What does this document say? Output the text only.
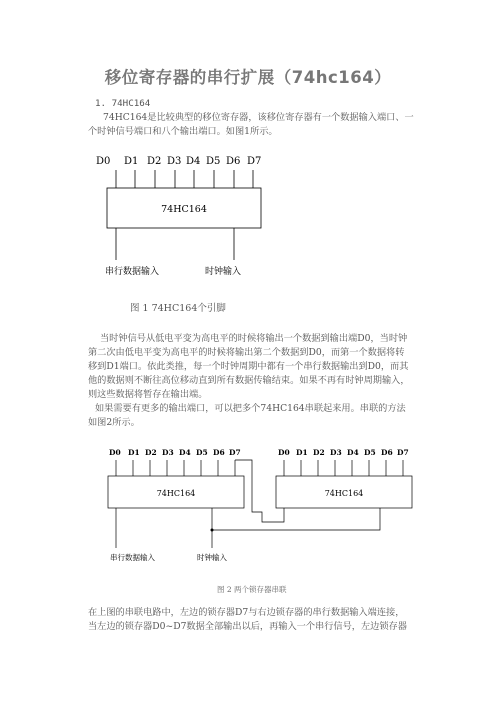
移位寄存器的串行扩展（74hc164）
1. 74HC164
74HC164是比较典型的移位寄存器，该移位寄存器有一个数据输入端口、一
个时钟信号端口和八个输出端口。如图1所示。
D0 D1 D2 D3 D4 D5 D6 D7
74HC164
串行数据输入	时钟输入
图 1 74HC164个引脚
当时钟信号从低电平变为高电平的时候将输出一个数据到输出端D0，当时钟
第二次由低电平变为高电平的时候将输出第二个数据到D0，而第一个数据将转
移到D1端口。依此类推，每一个时钟周期中都有一个串行数据输出到D0，而其
他的数据则不断往高位移动直到所有数据传输结束。如果不再有时钟周期输入，
则这些数据将暂存在输出端。
如果需要有更多的输出端口，可以把多个74HC164串联起来用。串联的方法
如图2所示。
D0 D1 D2 D3 D4 D5 D6 D7	D0 D1 D2 D3 D4 D5 D6 D7
74HC164	74HC164
串行数据输入	时钟输入
图 2 两个锁存器串联
在上图的串联电路中，左边的锁存器D7与右边锁存器的串行数据输入端连接，
当左边的锁存器D0~D7数据全部输出以后，再输入一个串行信号，左边锁存器
